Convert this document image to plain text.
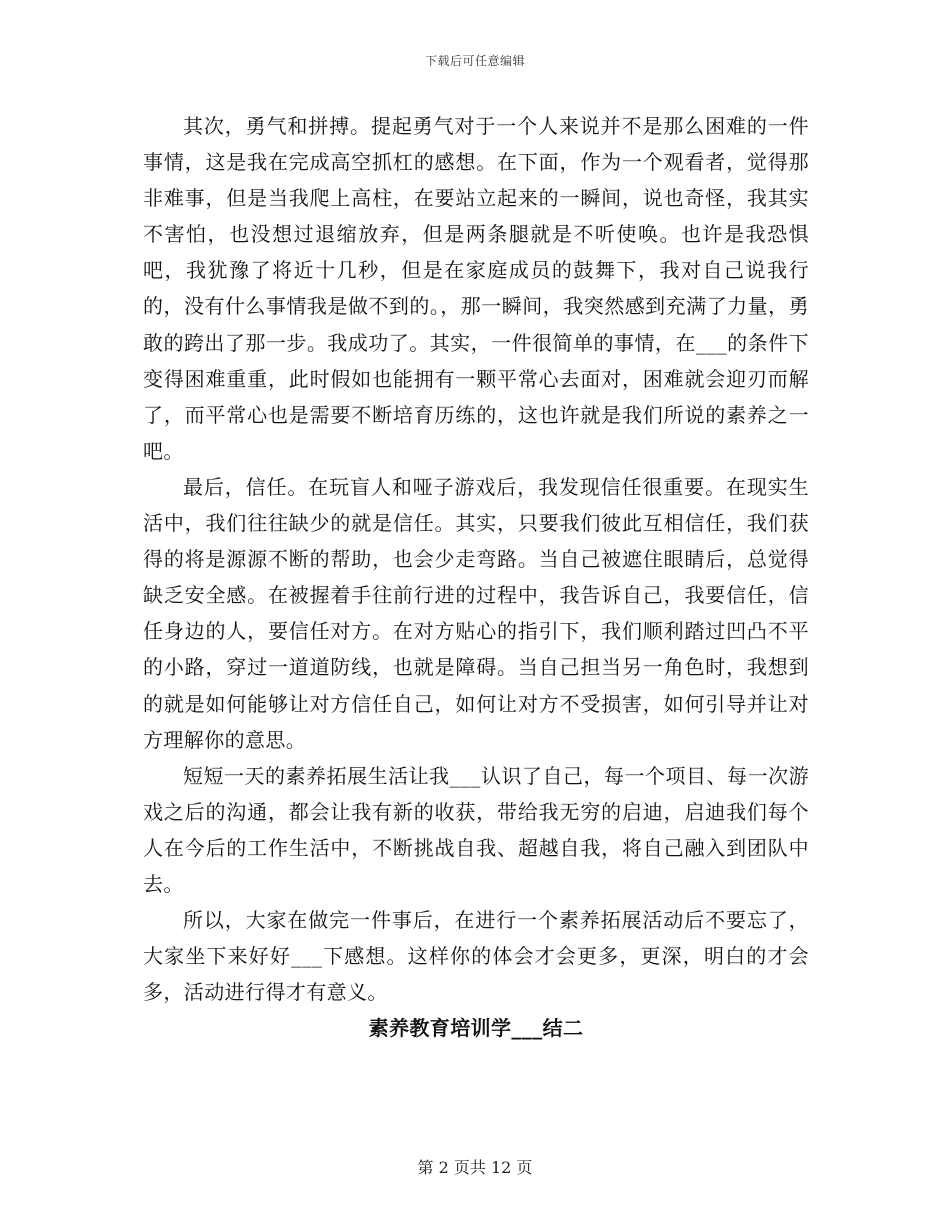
下载后可任意编辑

其次，勇气和拼搏。提起勇气对于一个人来说并不是那么困难的一件事情，这是我在完成高空抓杠的感想。在下面，作为一个观看者，觉得那非难事，但是当我爬上高柱，在要站立起来的一瞬间，说也奇怪，我其实不害怕，也没想过退缩放弃，但是两条腿就是不听使唤。也许是我恐惧吧，我犹豫了将近十几秒，但是在家庭成员的鼓舞下，我对自己说我行的，没有什么事情我是做不到的。，那一瞬间，我突然感到充满了力量，勇敢的跨出了那一步。我成功了。其实，一件很简单的事情，在___的条件下变得困难重重，此时假如也能拥有一颗平常心去面对，困难就会迎刃而解了，而平常心也是需要不断培育历练的，这也许就是我们所说的素养之一吧。

最后，信任。在玩盲人和哑子游戏后，我发现信任很重要。在现实生活中，我们往往缺少的就是信任。其实，只要我们彼此互相信任，我们获得的将是源源不断的帮助，也会少走弯路。当自己被遮住眼睛后，总觉得缺乏安全感。在被握着手往前行进的过程中，我告诉自己，我要信任，信任身边的人，要信任对方。在对方贴心的指引下，我们顺利踏过凹凸不平的小路，穿过一道道防线，也就是障碍。当自己担当另一角色时，我想到的就是如何能够让对方信任自己，如何让对方不受损害，如何引导并让对方理解你的意思。

短短一天的素养拓展生活让我___认识了自己，每一个项目、每一次游戏之后的沟通，都会让我有新的收获，带给我无穷的启迪，启迪我们每个人在今后的工作生活中，不断挑战自我、超越自我，将自己融入到团队中去。

所以，大家在做完一件事后，在进行一个素养拓展活动后不要忘了，大家坐下来好好___下感想。这样你的体会才会更多，更深，明白的才会多，活动进行得才有意义。

素养教育培训学___结二

第 2 页共 12 页
